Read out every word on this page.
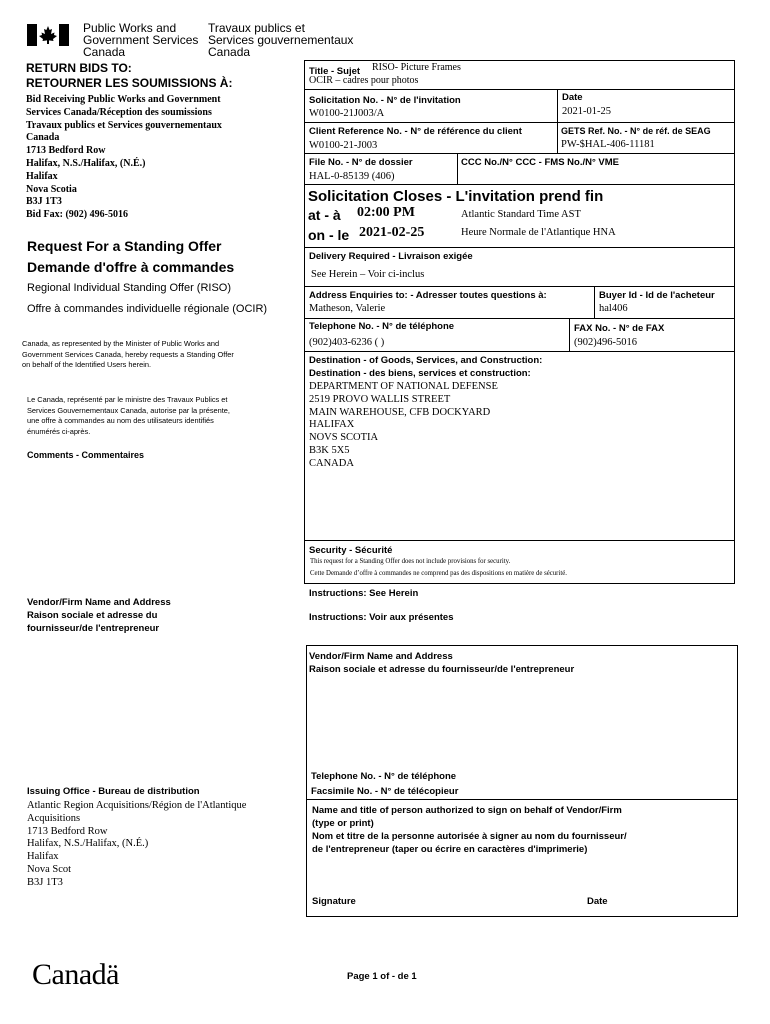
Public Works and
Government Services
Canada
Travaux publics et
Services gouvernementaux
Canada
RETURN BIDS TO:
RETOURNER LES SOUMISSIONS À:
Bid Receiving Public Works and Government
Services Canada/Réception des soumissions
Travaux publics et Services gouvernementaux
Canada
1713 Bedford Row
Halifax, N.S./Halifax, (N.É.)
Halifax
Nova Scotia
B3J 1T3
Bid Fax: (902) 496-5016
Request For a Standing Offer
Demande d'offre à commandes
Regional Individual Standing Offer (RISO)
Offre à commandes individuelle régionale (OCIR)
Canada, as represented by the Minister of Public Works and
Government Services Canada, hereby requests a Standing Offer
on behalf of the Identified Users herein.
Le Canada, représenté par le ministre des Travaux Publics et
Services Gouvernementaux Canada, autorise par la présente,
une offre à commandes au nom des utilisateurs identifiés
énumérés ci-après.
Comments - Commentaires
Vendor/Firm Name and Address
Raison sociale et adresse du
fournisseur/de l'entrepreneur
Issuing Office - Bureau de distribution
Atlantic Region Acquisitions/Région de l'Atlantique
Acquisitions
1713 Bedford Row
Halifax, N.S./Halifax, (N.É.)
Halifax
Nova Scot
B3J 1T3
Title - Sujet RISO- Picture Frames
OCIR – cadres pour photos
Solicitation No. - N° de l'invitation
W0100-21J003/A
Date
2021-01-25
Client Reference No. - N° de référence du client
W0100-21-J003
GETS Ref. No. - N° de réf. de SEAG
PW-$HAL-406-11181
File No. - N° de dossier
HAL-0-85139 (406)
CCC No./N° CCC - FMS No./N° VME
Solicitation Closes - L'invitation prend fin
at - à 02:00 PM
on - le 2021-02-25
Atlantic Standard Time AST
Heure Normale de l'Atlantique HNA
Delivery Required - Livraison exigée
See Herein – Voir ci-inclus
Address Enquiries to: - Adresser toutes questions à:
Matheson, Valerie
Buyer Id - Id de l'acheteur
hal406
Telephone No. - N° de téléphone
(902)403-6236 ( )
FAX No. - N° de FAX
(902)496-5016
Destination - of Goods, Services, and Construction:
Destination - des biens, services et construction:
DEPARTMENT OF NATIONAL DEFENSE
2519 PROVO WALLIS STREET
MAIN WAREHOUSE, CFB DOCKYARD
HALIFAX
NOVS SCOTIA
B3K 5X5
CANADA
Security - Sécurité
This request for a Standing Offer does not include provisions for security.
Cette Demande d’offre à commandes ne comprend pas des dispositions en matière de sécurité.
Instructions: See Herein
Instructions: Voir aux présentes
Vendor/Firm Name and Address
Raison sociale et adresse du fournisseur/de l'entrepreneur
Telephone No. - N° de téléphone
Facsimile No. - N° de télécopieur
Name and title of person authorized to sign on behalf of Vendor/Firm
(type or print)
Nom et titre de la personne autorisée à signer au nom du fournisseur/
de l'entrepreneur (taper ou écrire en caractères d'imprimerie)
Signature	Date
Canadä	Page 1 of - de 1
